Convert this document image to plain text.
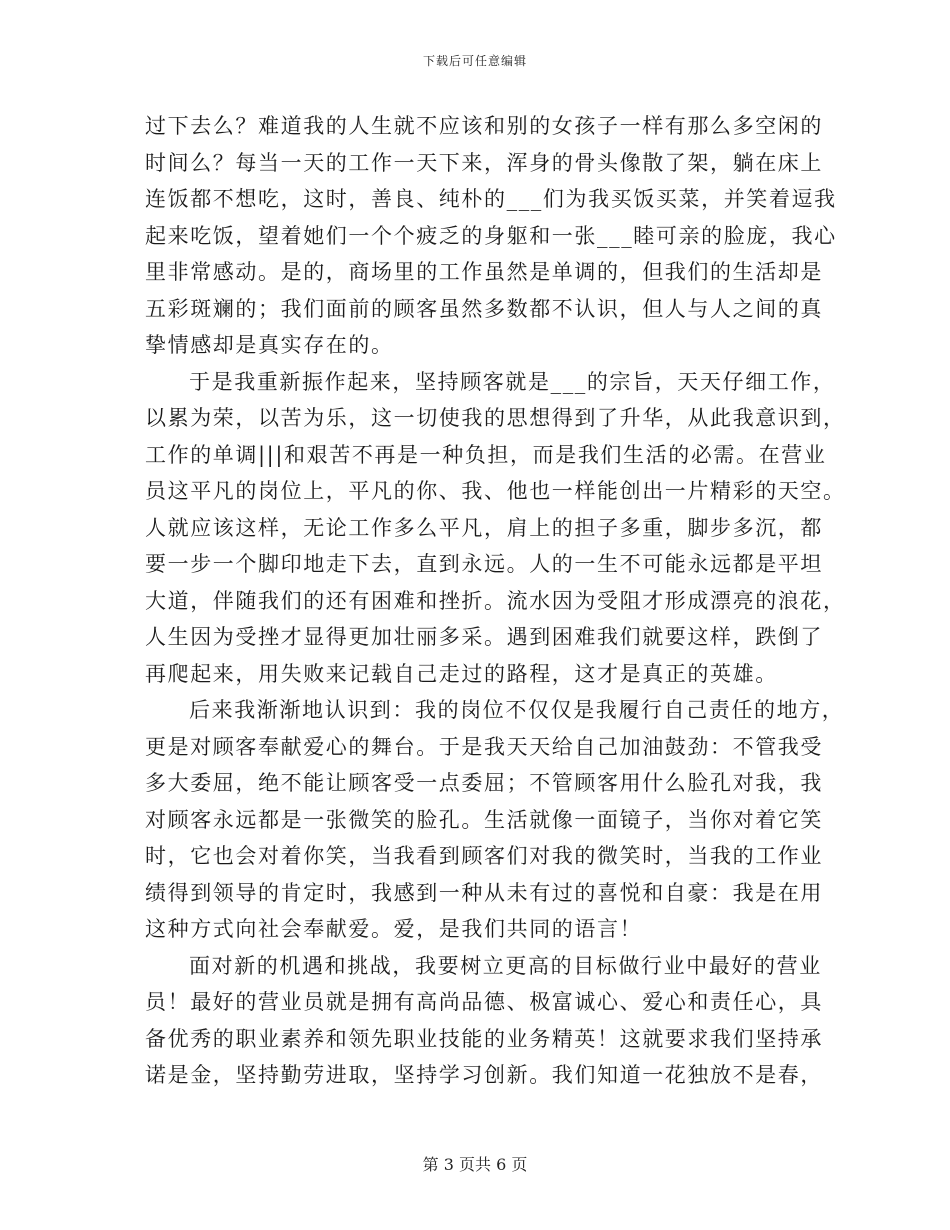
下载后可任意编辑
过下去么？难道我的人生就不应该和别的女孩子一样有那么多空闲的
时间么？每当一天的工作一天下来，浑身的骨头像散了架，躺在床上
连饭都不想吃，这时，善良、纯朴的___们为我买饭买菜，并笑着逗我
起来吃饭，望着她们一个个疲乏的身躯和一张___睦可亲的脸庞，我心
里非常感动。是的，商场里的工作虽然是单调的，但我们的生活却是
五彩斑斓的；我们面前的顾客虽然多数都不认识，但人与人之间的真
挚情感却是真实存在的。
于是我重新振作起来，坚持顾客就是___的宗旨，天天仔细工作，
以累为荣，以苦为乐，这一切使我的思想得到了升华，从此我意识到，
工作的单调|||和艰苦不再是一种负担，而是我们生活的必需。在营业
员这平凡的岗位上，平凡的你、我、他也一样能创出一片精彩的天空。
人就应该这样，无论工作多么平凡，肩上的担子多重，脚步多沉，都
要一步一个脚印地走下去，直到永远。人的一生不可能永远都是平坦
大道，伴随我们的还有困难和挫折。流水因为受阻才形成漂亮的浪花，
人生因为受挫才显得更加壮丽多采。遇到困难我们就要这样，跌倒了
再爬起来，用失败来记载自己走过的路程，这才是真正的英雄。
后来我渐渐地认识到：我的岗位不仅仅是我履行自己责任的地方，
更是对顾客奉献爱心的舞台。于是我天天给自己加油鼓劲：不管我受
多大委屈，绝不能让顾客受一点委屈；不管顾客用什么脸孔对我，我
对顾客永远都是一张微笑的脸孔。生活就像一面镜子，当你对着它笑
时，它也会对着你笑，当我看到顾客们对我的微笑时，当我的工作业
绩得到领导的肯定时，我感到一种从未有过的喜悦和自豪：我是在用
这种方式向社会奉献爱。爱，是我们共同的语言！
面对新的机遇和挑战，我要树立更高的目标做行业中最好的营业
员！最好的营业员就是拥有高尚品德、极富诚心、爱心和责任心，具
备优秀的职业素养和领先职业技能的业务精英！这就要求我们坚持承
诺是金，坚持勤劳进取，坚持学习创新。我们知道一花独放不是春，
第 3 页共 6 页
